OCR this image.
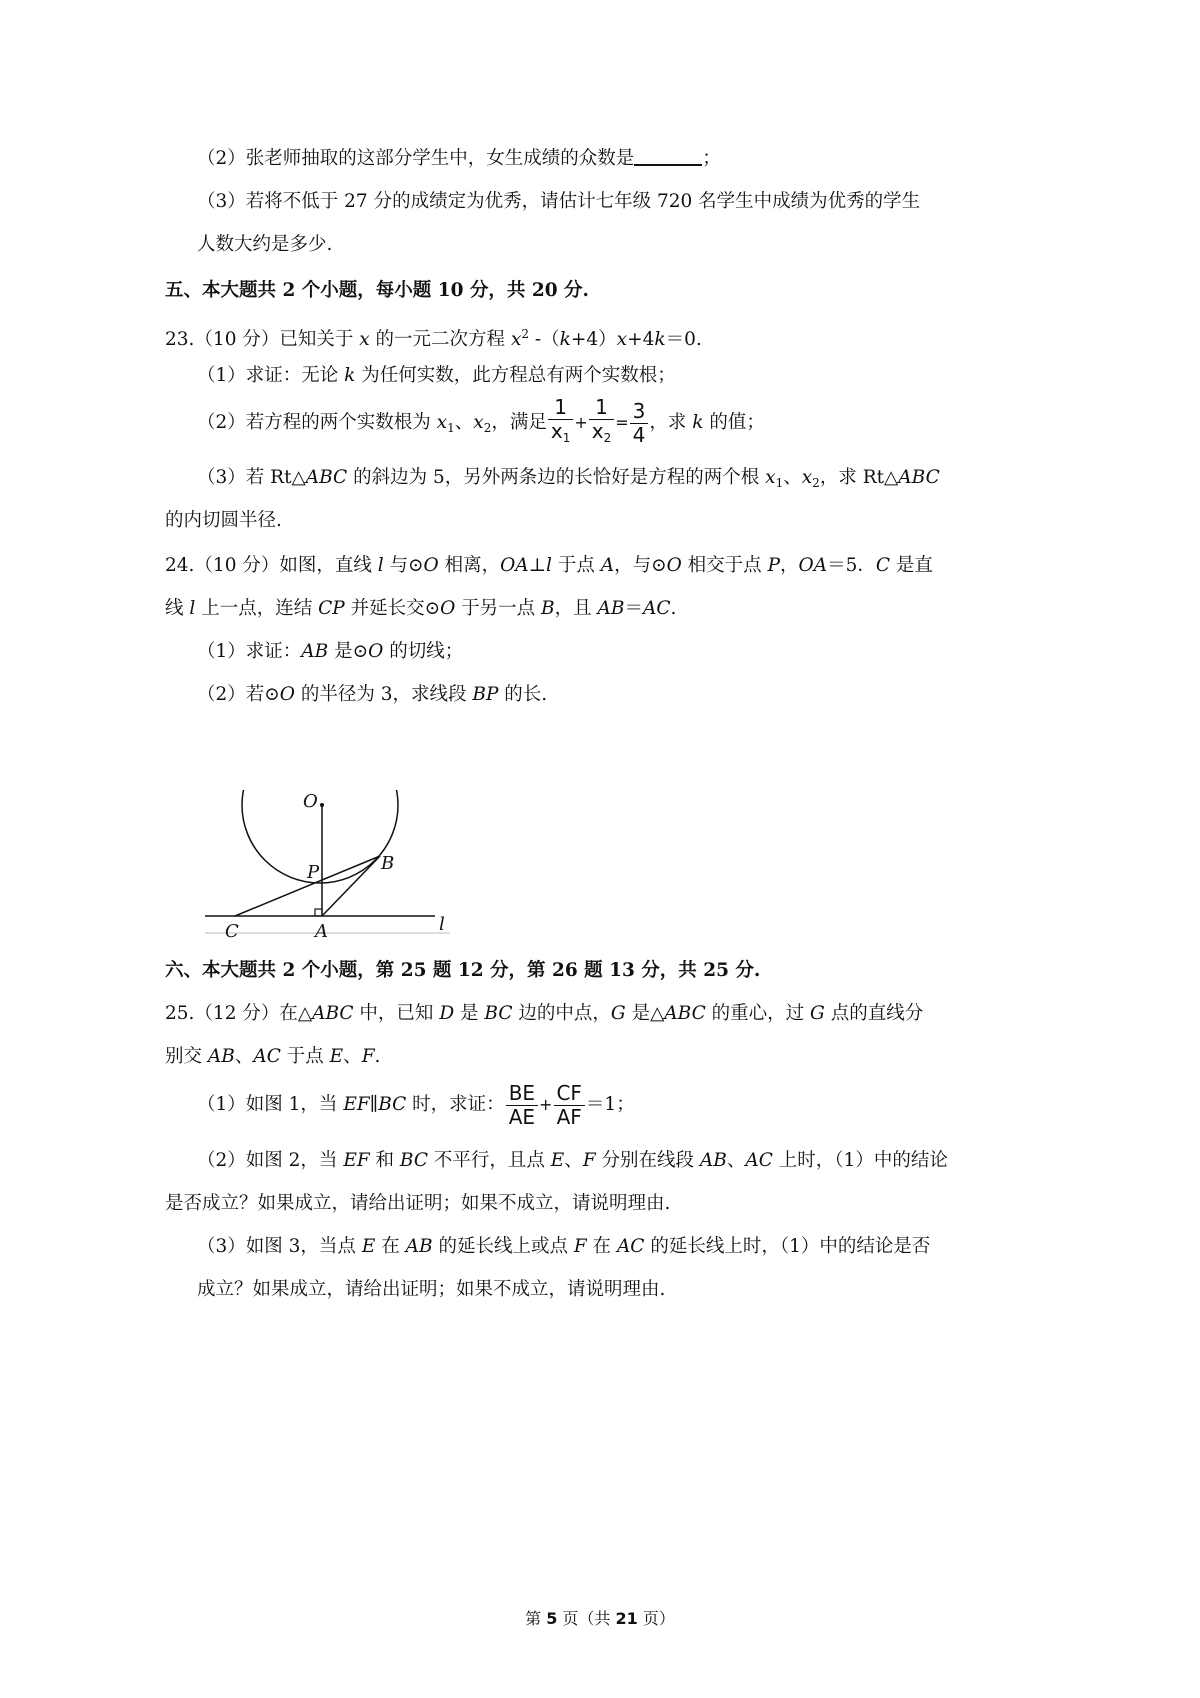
（2）张老师抽取的这部分学生中，女生成绩的众数是	；
（3）若将不低于 27 分的成绩定为优秀，请估计七年级 720 名学生中成绩为优秀的学生
人数大约是多少.
五、本大题共 2 个小题，每小题 10 分，共 20 分.
23.（10 分）已知关于 x 的一元二次方程 $x^2$ -（k+4）x+4k＝0.
（1）求证：无论 k 为任何实数，此方程总有两个实数根；
（2）若方程的两个实数根为 $x_1$、$x_2$，满足 $\frac{1}{x_1} + \frac{1}{x_2} = \frac{3}{4}$ ，求 k 的值；
（3）若 Rt△ABC 的斜边为 5，另外两条边的长恰好是方程的两个根 $x_1$、$x_2$，求 Rt△ABC
的内切圆半径.
24.（10 分）如图，直线 l 与⊙O 相离，OA⊥l 于点 A，与⊙O 相交于点 P，OA＝5．C 是直
线 l 上一点，连结 CP 并延长交⊙O 于另一点 B，且 AB＝AC.
（1）求证：AB 是⊙O 的切线；
（2）若⊙O 的半径为 3，求线段 BP 的长.
O
P	B
C	A	l
六、本大题共 2 个小题，第 25 题 12 分，第 26 题 13 分，共 25 分.
25.（12 分）在△ABC 中，已知 D 是 BC 边的中点，G 是△ABC 的重心，过 G 点的直线分
别交 AB、AC 于点 E、F.
（1）如图 1，当 EF∥BC 时，求证： $\frac{BE}{AE} + \frac{CF}{AF} =1$；
（2）如图 2，当 EF 和 BC 不平行，且点 E、F 分别在线段 AB、AC 上时，（1）中的结论
是否成立？如果成立，请给出证明；如果不成立，请说明理由.
（3）如图 3，当点 E 在 AB 的延长线上或点 F 在 AC 的延长线上时，（1）中的结论是否
成立？如果成立，请给出证明；如果不成立，请说明理由.
第 5 页（共 21 页）
